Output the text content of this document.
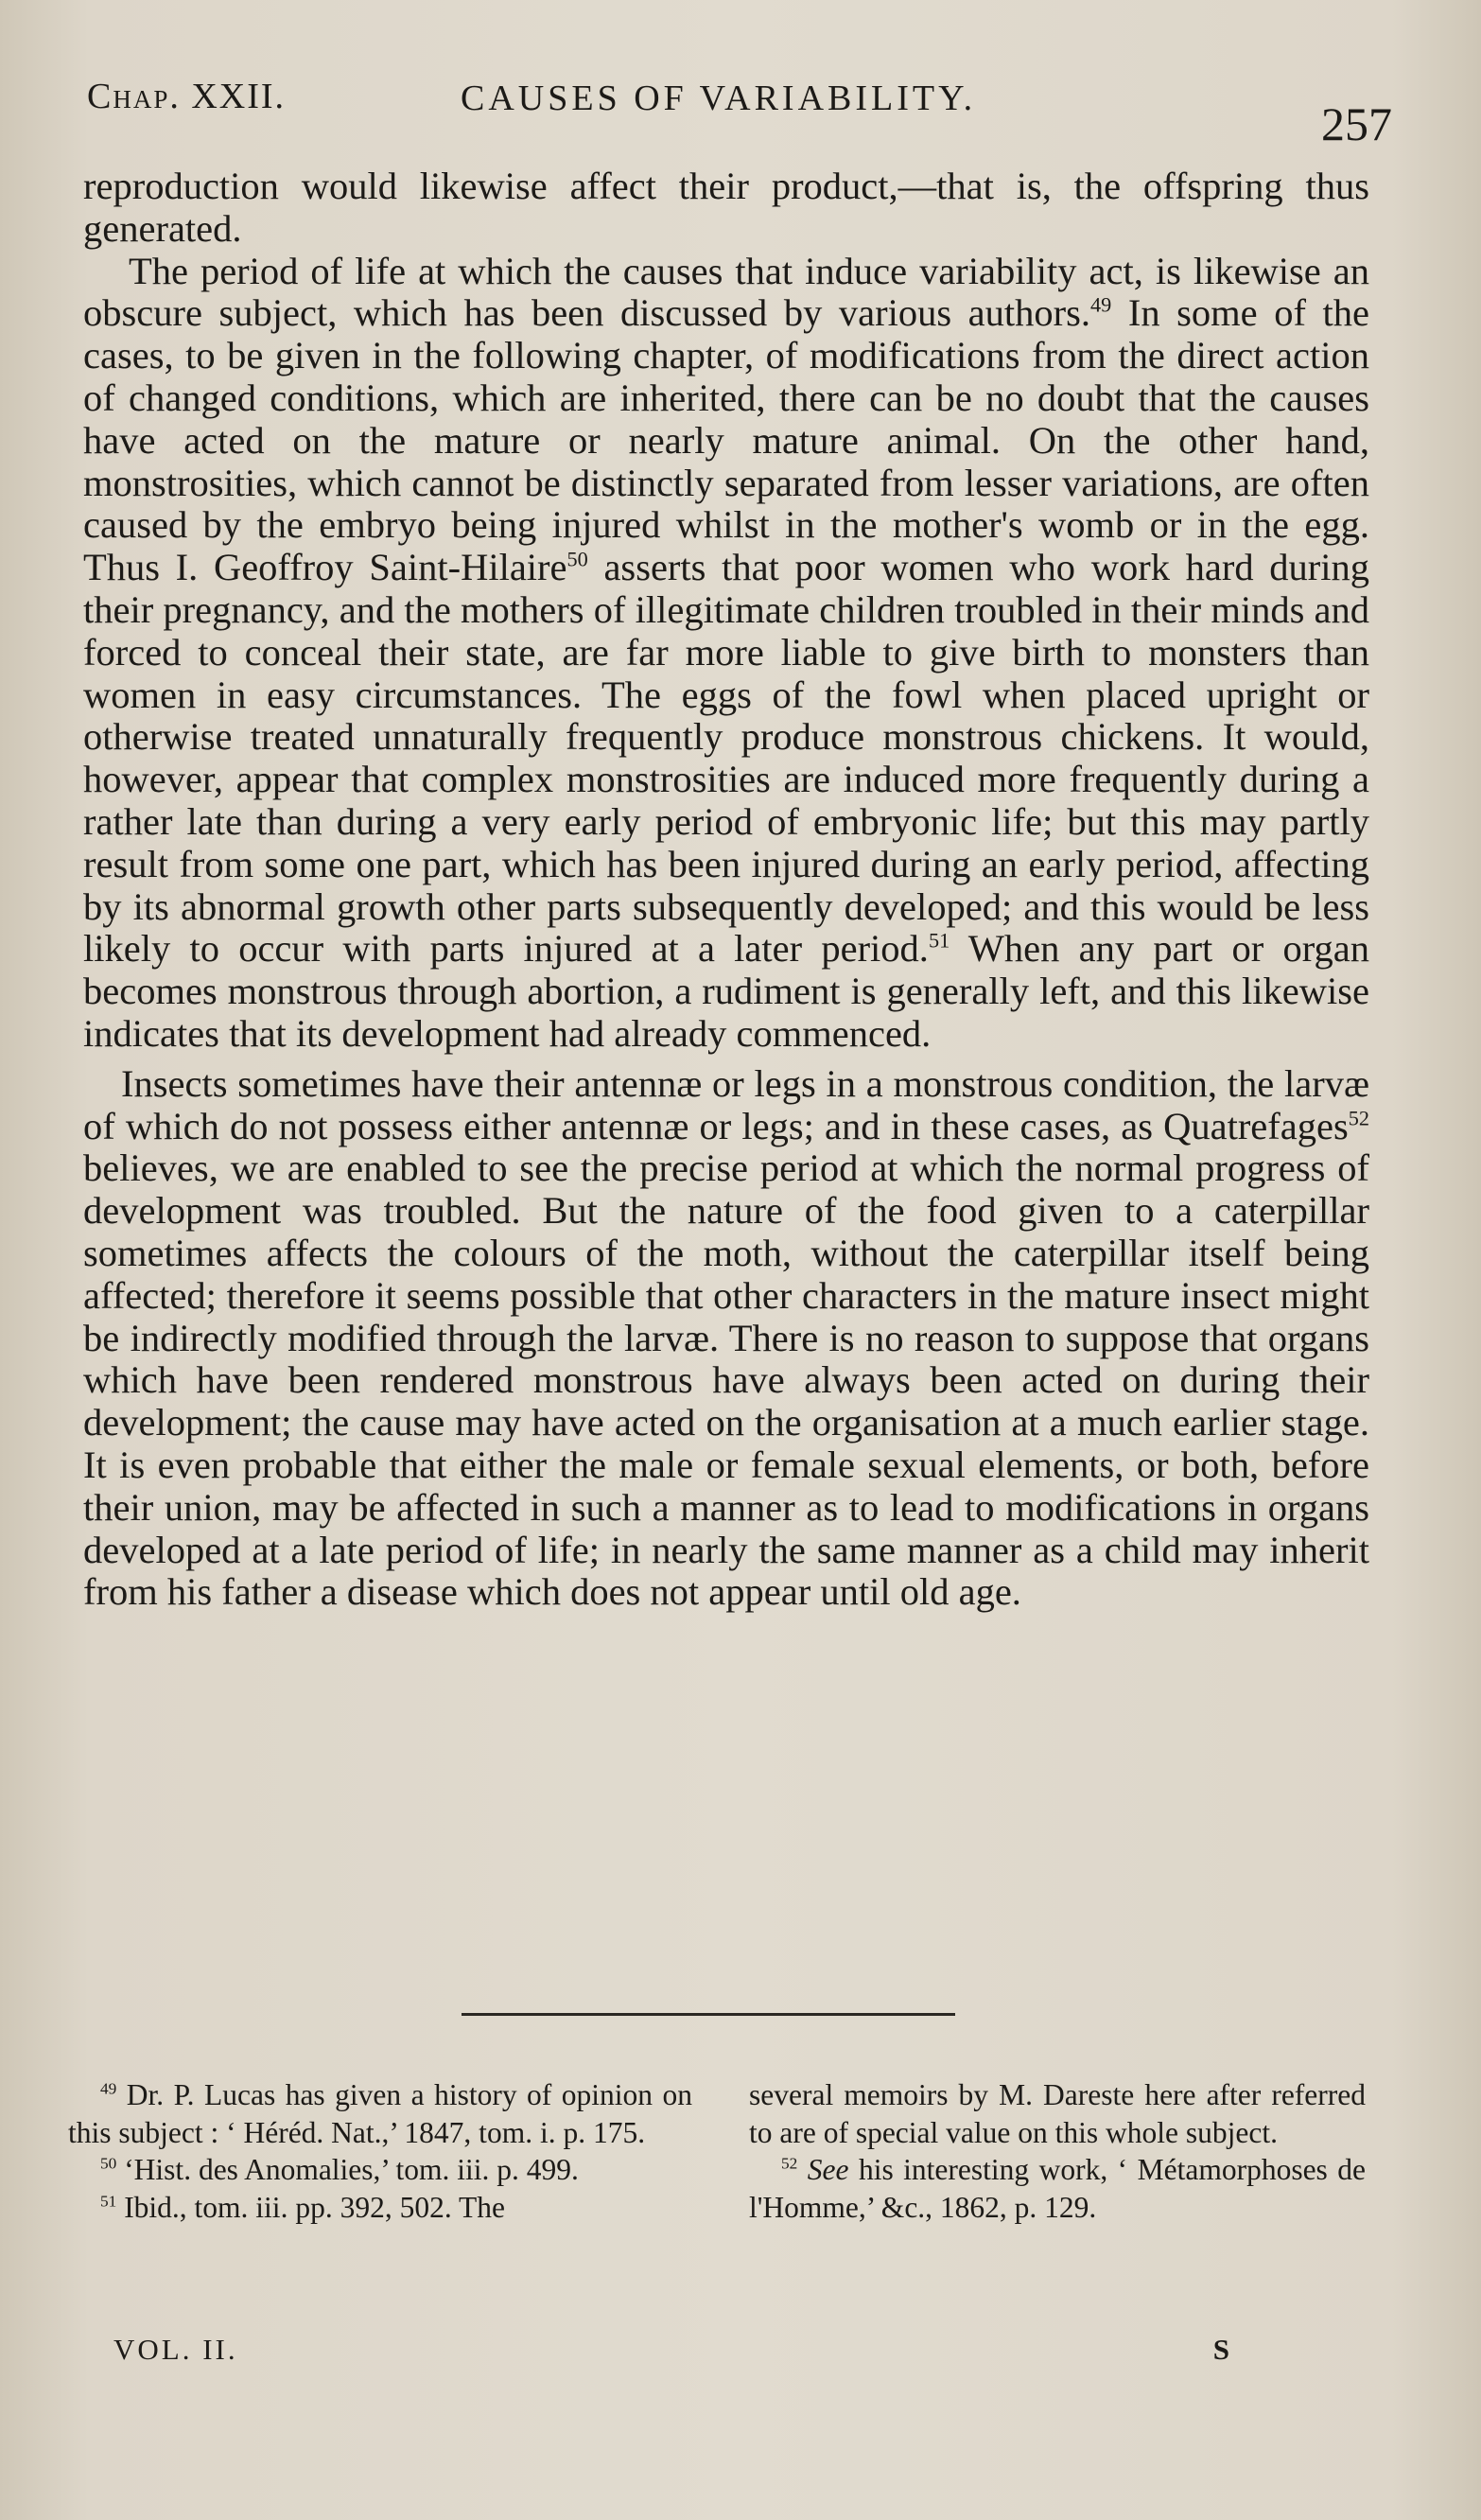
Chap. XXII.	CAUSES OF VARIABILITY.	257

reproduction would likewise affect their product,—that is, the offspring thus generated.

The period of life at which the causes that induce variability act, is likewise an obscure subject, which has been discussed by various authors.$^{49}$ In some of the cases, to be given in the following chapter, of modifications from the direct action of changed conditions, which are inherited, there can be no doubt that the causes have acted on the mature or nearly mature animal. On the other hand, monstrosities, which cannot be distinctly separated from lesser variations, are often caused by the embryo being injured whilst in the mother's womb or in the egg. Thus I. Geoffroy Saint-Hilaire$^{50}$ asserts that poor women who work hard during their pregnancy, and the mothers of illegitimate children troubled in their minds and forced to conceal their state, are far more liable to give birth to monsters than women in easy circumstances. The eggs of the fowl when placed upright or otherwise treated unnaturally frequently produce monstrous chickens. It would, however, appear that complex monstrosities are induced more frequently during a rather late than during a very early period of embryonic life; but this may partly result from some one part, which has been injured during an early period, affecting by its abnormal growth other parts subsequently developed; and this would be less likely to occur with parts injured at a later period.$^{51}$ When any part or organ becomes monstrous through abortion, a rudiment is generally left, and this likewise indicates that its development had already commenced.

Insects sometimes have their antennæ or legs in a monstrous condition, the larvæ of which do not possess either antennæ or legs; and in these cases, as Quatrefages$^{52}$ believes, we are enabled to see the precise period at which the normal progress of development was troubled. But the nature of the food given to a caterpillar sometimes affects the colours of the moth, without the caterpillar itself being affected; therefore it seems possible that other characters in the mature insect might be indirectly modified through the larvæ. There is no reason to suppose that organs which have been rendered monstrous have always been acted on during their development; the cause may have acted on the organisation at a much earlier stage. It is even probable that either the male or female sexual elements, or both, before their union, may be affected in such a manner as to lead to modifications in organs developed at a late period of life; in nearly the same manner as a child may inherit from his father a disease which does not appear until old age.

$^{49}$ Dr. P. Lucas has given a history of opinion on this subject : ‘ Héréd. Nat.,’ 1847, tom. i. p. 175.

$^{50}$ ‘Hist. des Anomalies,’ tom. iii. p. 499.

$^{51}$ Ibid., tom. iii. pp. 392, 502. The

several memoirs by M. Dareste here after referred to are of special value on this whole subject.

$^{52}$ See his interesting work, ‘ Métamorphoses de l'Homme,’ &c., 1862, p. 129.

VOL. II.	S
